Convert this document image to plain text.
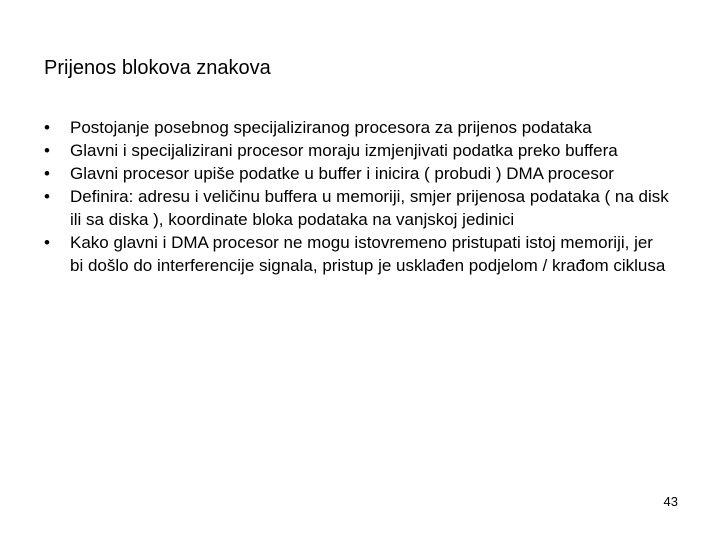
Prijenos blokova znakova
•	Postojanje posebnog specijaliziranog procesora za prijenos podataka
•	Glavni i specijalizirani procesor moraju izmjenjivati podatka preko buffera
•	Glavni procesor upiše podatke u buffer i inicira ( probudi ) DMA procesor
•	Definira: adresu i veličinu buffera u memoriji, smjer prijenosa podataka ( na disk ili sa diska ), koordinate bloka podataka na vanjskoj jedinici
•	Kako glavni i DMA procesor ne mogu istovremeno pristupati istoj memoriji, jer bi došlo do interferencije signala, pristup je usklađen podjelom / krađom ciklusa
43
